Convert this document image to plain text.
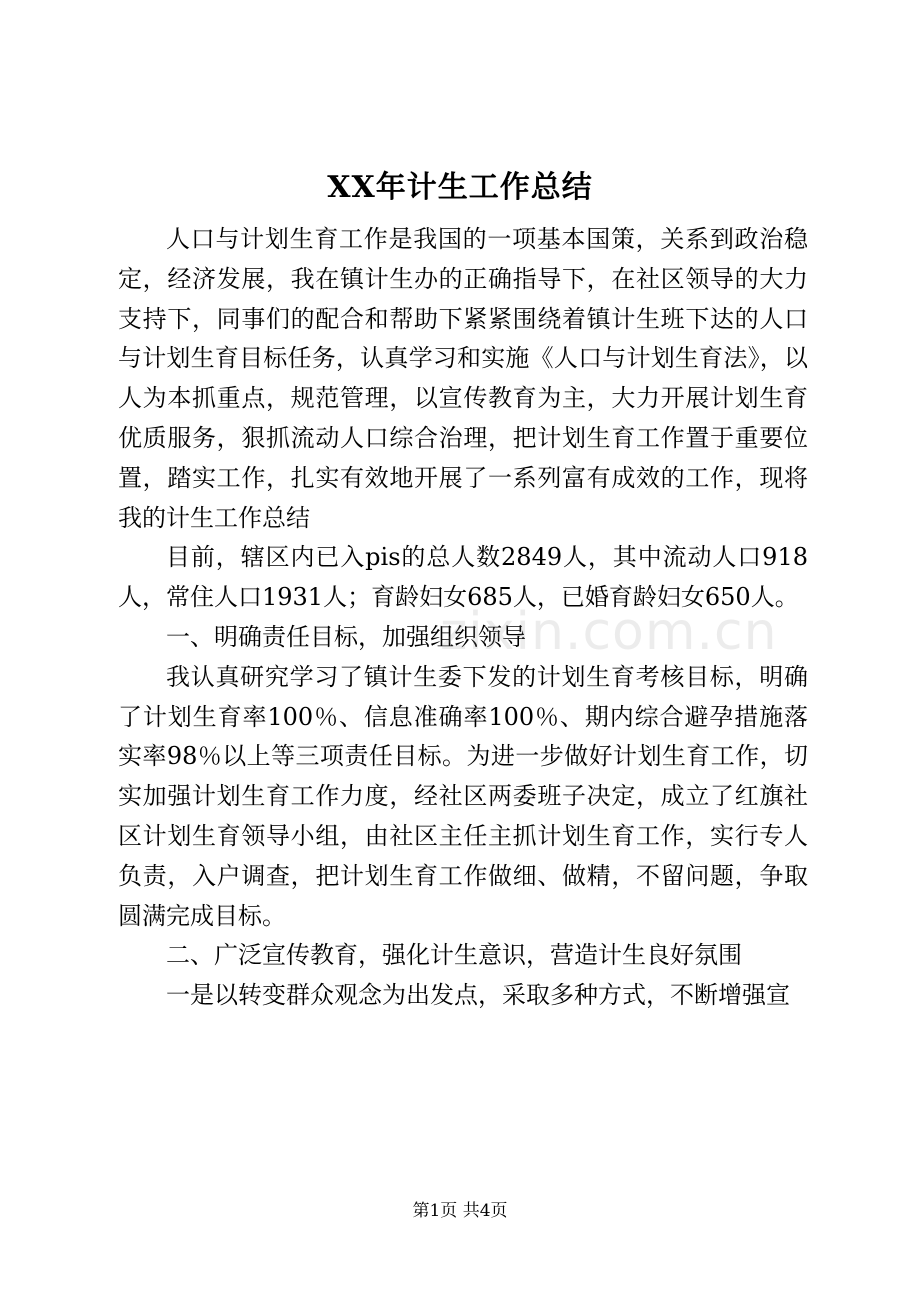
XX年计生工作总结

人口与计划生育工作是我国的一项基本国策，关系到政治稳定，经济发展，我在镇计生办的正确指导下，在社区领导的大力支持下，同事们的配合和帮助下紧紧围绕着镇计生班下达的人口与计划生育目标任务，认真学习和实施《人口与计划生育法》，以人为本抓重点，规范管理，以宣传教育为主，大力开展计划生育优质服务，狠抓流动人口综合治理，把计划生育工作置于重要位置，踏实工作，扎实有效地开展了一系列富有成效的工作，现将我的计生工作总结

目前，辖区内已入pis的总人数2849人，其中流动人口918人，常住人口1931人；育龄妇女685人，已婚育龄妇女650人。

一、明确责任目标，加强组织领导

我认真研究学习了镇计生委下发的计划生育考核目标，明确了计划生育率100％、信息准确率100％、期内综合避孕措施落实率98％以上等三项责任目标。为进一步做好计划生育工作，切实加强计划生育工作力度，经社区两委班子决定，成立了红旗社区计划生育领导小组，由社区主任主抓计划生育工作，实行专人负责，入户调查，把计划生育工作做细、做精，不留问题，争取圆满完成目标。

二、广泛宣传教育，强化计生意识，营造计生良好氛围

一是以转变群众观念为出发点，采取多种方式，不断增强宣

zixin.com.cn
第1页 共4页
